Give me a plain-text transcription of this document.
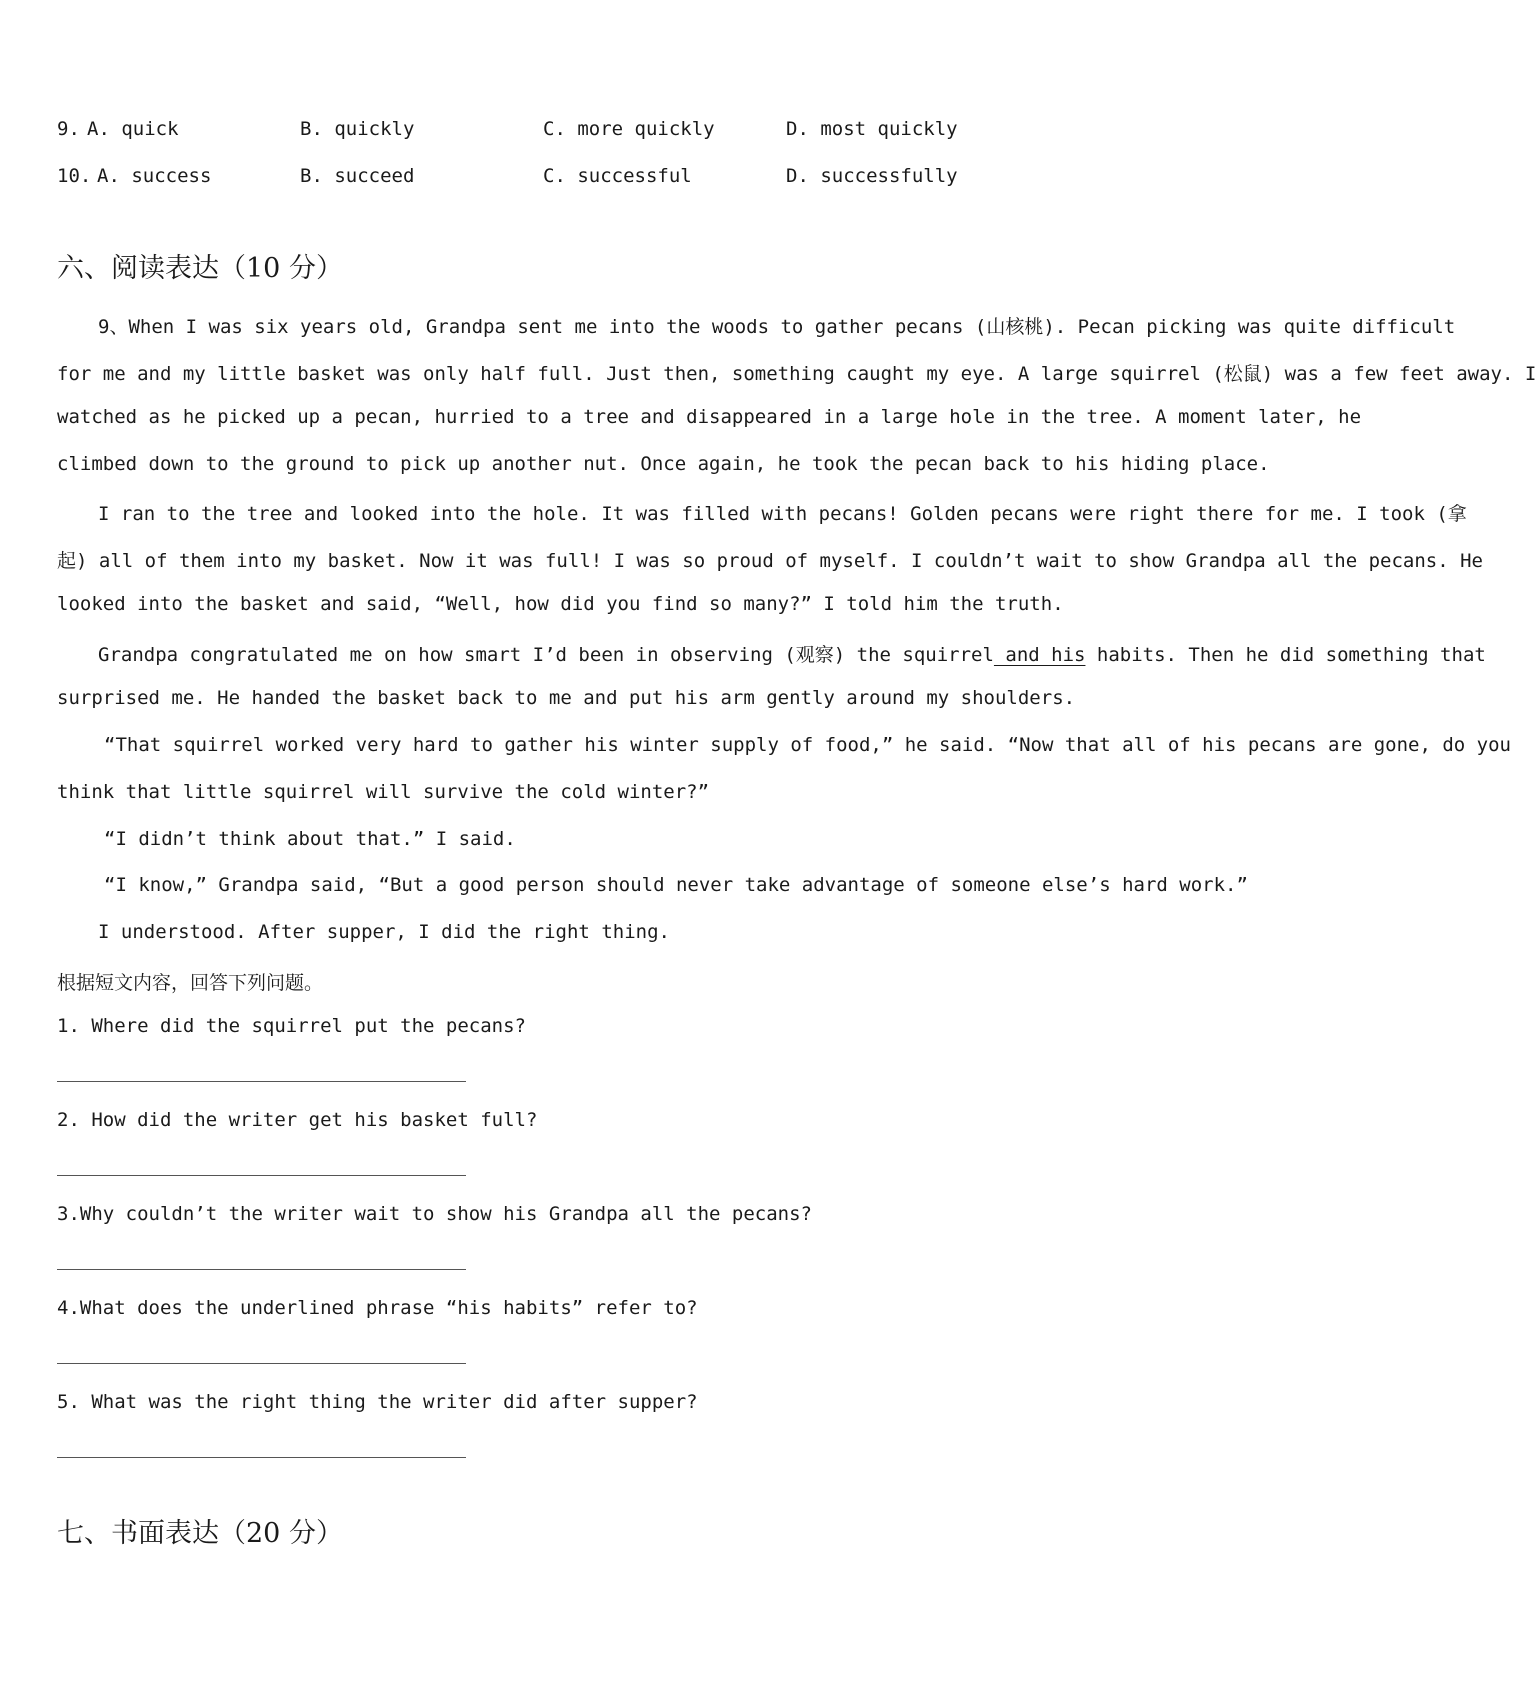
9. A. quick	B. quickly	C. more quickly	D. most quickly
10. A. success	B. succeed	C. successful	D. successfully
六、阅读表达（10 分）
9、When I was six years old, Grandpa sent me into the woods to gather pecans (山核桃). Pecan picking was quite difficult
for me and my little basket was only half full. Just then, something caught my eye. A large squirrel (松鼠) was a few feet away. I
watched as he picked up a pecan, hurried to a tree and disappeared in a large hole in the tree. A moment later, he
climbed down to the ground to pick up another nut. Once again, he took the pecan back to his hiding place.
I ran to the tree and looked into the hole. It was filled with pecans! Golden pecans were right there for me. I took (拿
起) all of them into my basket. Now it was full! I was so proud of myself. I couldn’t wait to show Grandpa all the pecans. He
looked into the basket and said, “Well, how did you find so many?” I told him the truth.
Grandpa congratulated me on how smart I’d been in observing (观察) the squirrel and his habits. Then he did something that
surprised me. He handed the basket back to me and put his arm gently around my shoulders.
“That squirrel worked very hard to gather his winter supply of food,” he said. “Now that all of his pecans are gone, do you
think that little squirrel will survive the cold winter?”
“I didn’t think about that.” I said.
“I know,” Grandpa said, “But a good person should never take advantage of someone else’s hard work.”
I understood. After supper, I did the right thing.
根据短文内容，回答下列问题。
1. Where did the squirrel put the pecans?
2. How did the writer get his basket full?
3.Why couldn’t the writer wait to show his Grandpa all the pecans?
4.What does the underlined phrase “his habits” refer to?
5. What was the right thing the writer did after supper?
七、书面表达（20 分）
